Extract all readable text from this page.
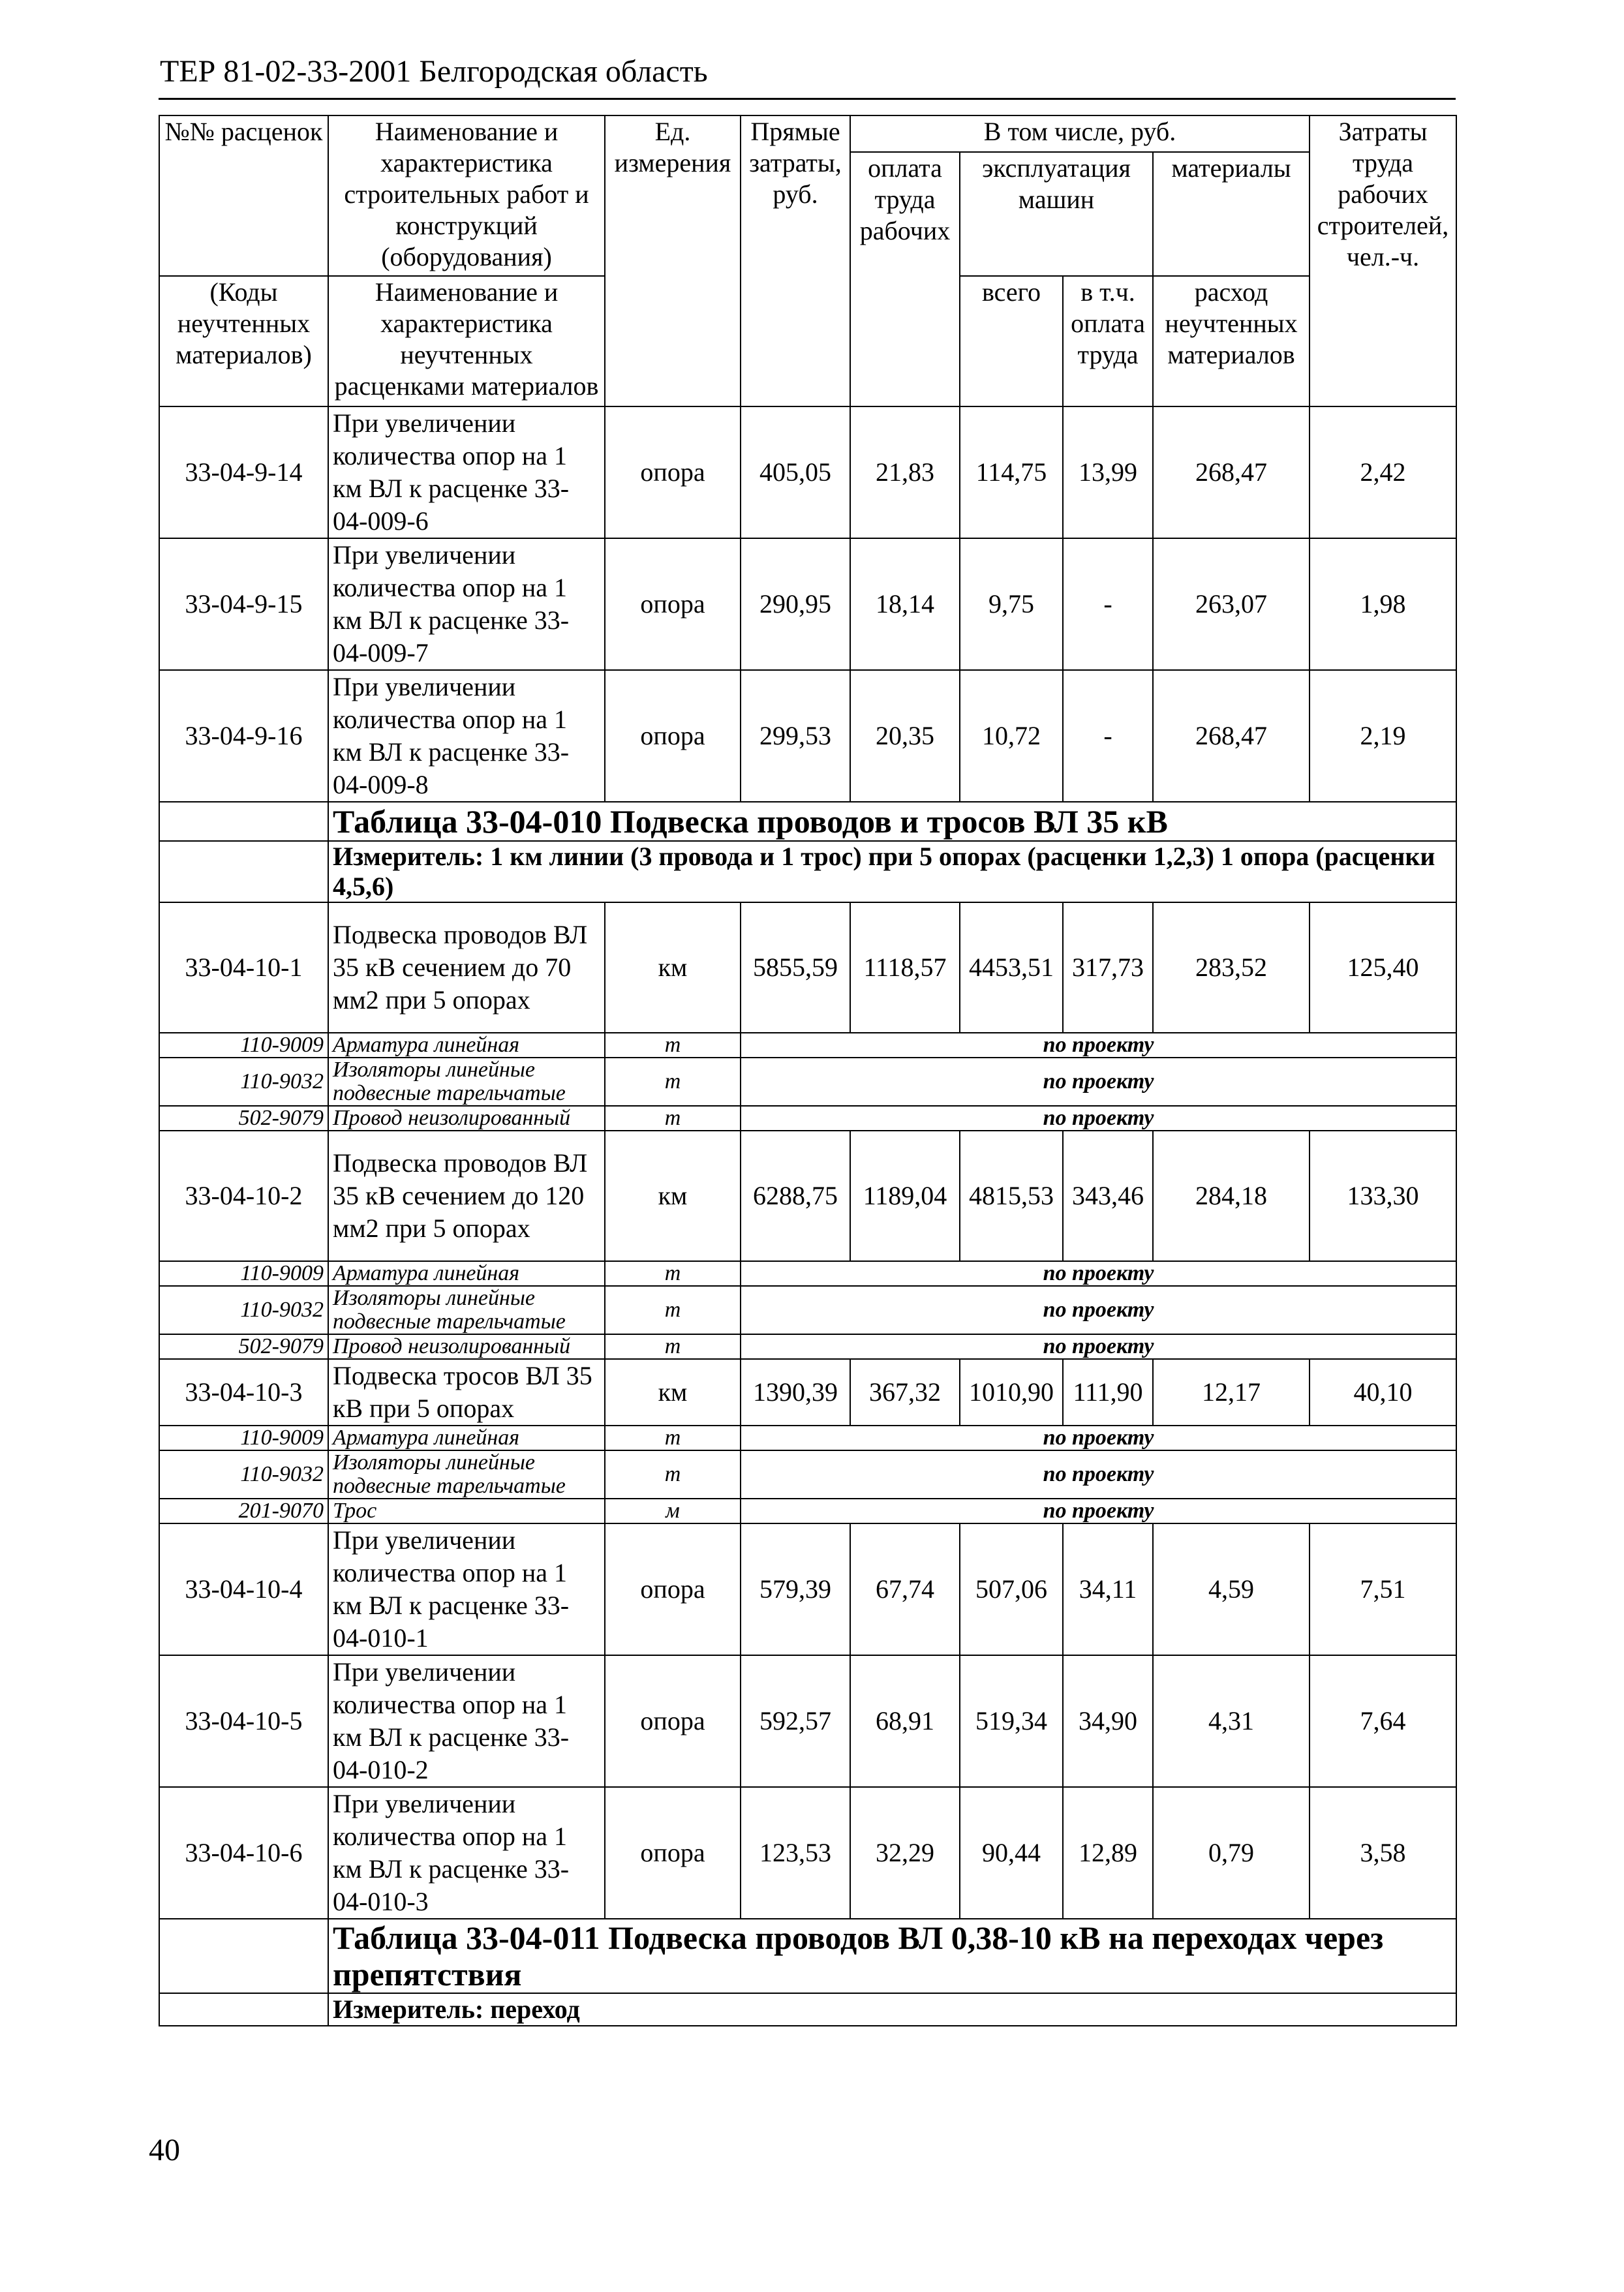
ТЕР 81-02-33-2001 Белгородская область
№№ расценок	Наименование и характеристика строительных работ и конструкций (оборудования)	Ед. измерения	Прямые затраты, руб.	В том числе, руб.				Затраты труда рабочих строителей, чел.-ч.
				оплата труда рабочих	эксплуатация машин		материалы	
(Коды неучтенных материалов)	Наименование и характеристика неучтенных расценками материалов				всего	в т.ч. оплата труда	расход неучтенных материалов	
33-04-9-14	При увеличении количества опор на 1 км ВЛ к расценке 33-04-009-6	опора	405,05	21,83	114,75	13,99	268,47	2,42
33-04-9-15	При увеличении количества опор на 1 км ВЛ к расценке 33-04-009-7	опора	290,95	18,14	9,75	-	263,07	1,98
33-04-9-16	При увеличении количества опор на 1 км ВЛ к расценке 33-04-009-8	опора	299,53	20,35	10,72	-	268,47	2,19
	Таблица 33-04-010 Подвеска проводов и тросов ВЛ 35 кВ							
	Измеритель: 1 км линии (3 провода и 1 трос) при 5 опорах (расценки 1,2,3) 1 опора (расценки 4,5,6)							
33-04-10-1	Подвеска проводов ВЛ 35 кВ сечением до 70 мм2 при 5 опорах	км	5855,59	1118,57	4453,51	317,73	283,52	125,40
110-9009	Арматура линейная	т	по проекту					
110-9032	Изоляторы линейные подвесные тарельчатые	т	по проекту					
502-9079	Провод неизолированный	т	по проекту					
33-04-10-2	Подвеска проводов ВЛ 35 кВ сечением до 120 мм2 при 5 опорах	км	6288,75	1189,04	4815,53	343,46	284,18	133,30
110-9009	Арматура линейная	т	по проекту					
110-9032	Изоляторы линейные подвесные тарельчатые	т	по проекту					
502-9079	Провод неизолированный	т	по проекту					
33-04-10-3	Подвеска тросов ВЛ 35 кВ при 5 опорах	км	1390,39	367,32	1010,90	111,90	12,17	40,10
110-9009	Арматура линейная	т	по проекту					
110-9032	Изоляторы линейные подвесные тарельчатые	т	по проекту					
201-9070	Трос	м	по проекту					
33-04-10-4	При увеличении количества опор на 1 км ВЛ к расценке 33-04-010-1	опора	579,39	67,74	507,06	34,11	4,59	7,51
33-04-10-5	При увеличении количества опор на 1 км ВЛ к расценке 33-04-010-2	опора	592,57	68,91	519,34	34,90	4,31	7,64
33-04-10-6	При увеличении количества опор на 1 км ВЛ к расценке 33-04-010-3	опора	123,53	32,29	90,44	12,89	0,79	3,58
	Таблица 33-04-011 Подвеска проводов ВЛ 0,38-10 кВ на переходах через препятствия							
	Измеритель: переход							
40
